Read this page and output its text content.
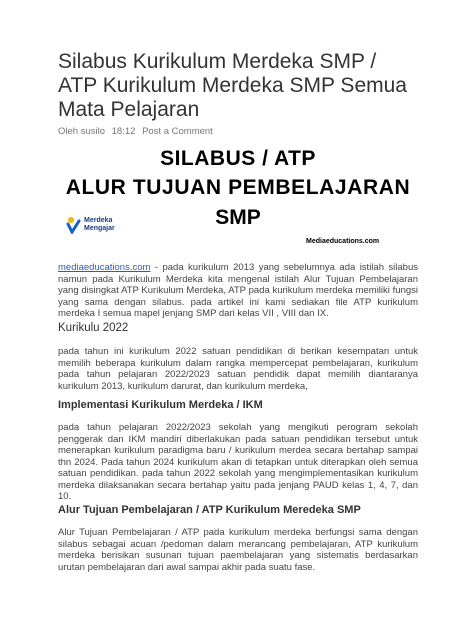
Silabus Kurikulum Merdeka SMP / ATP Kurikulum Merdeka SMP Semua Mata Pelajaran
Oleh susilo 18:12 Post a Comment
SILABUS / ATP
ALUR TUJUAN PEMBELAJARAN
SMP
Merdeka
Mengajar
Mediaeducations.com

mediaeducations.com - pada kurikulum 2013 yang sebelumnya ada istilah silabus namun pada Kurikulum Merdeka kita mengenal istilah Alur Tujuan Pembelajaran yang disingkat ATP Kurikulum Merdeka, ATP pada kurikulum merdeka memiliki fungsi yang sama dengan silabus. pada artikel ini kami sediakan file ATP kurikulum merdeka I semua mapel jenjang SMP dari kelas VII , VIII dan IX.

Kurikulu 2022

pada tahun ini kurikulum 2022 satuan pendidikan di berikan kesempatan untuk memilih beberapa kurikulum dalam rangka mempercepat pembelajaran, kurikulum pada tahun pelajaran 2022/2023 satuan pendidik dapat memilih diantaranya kurikulum 2013, kurikulum darurat, dan kurikulum merdeka,

Implementasi Kurikulum Merdeka / IKM

pada tahun pelajaran 2022/2023 sekolah yang mengikuti perogram sekolah penggerak dan IKM mandiri diberlakukan pada satuan pendidikan tersebut untuk menerapkan kurikulum paradigma baru / kurikulum merdea secara bertahap sampai thn 2024. Pada tahun 2024 kurikulum akan di tetapkan untuk diterapkan oleh semua satuan pendidikan. pada tahun 2022 sekolah yang mengimplementasikan kurikulum merdeka dilaksanakan secara bertahap yaitu pada jenjang PAUD kelas 1, 4, 7, dan 10.

Alur Tujuan Pembelajaran / ATP Kurikulum Meredeka SMP

Alur Tujuan Pembelajaran / ATP pada kurikulum merdeka berfungsi sama dengan silabus sebagai acuan /pedoman dalam merancang pembelajaran, ATP kurikulum merdeka berisikan susunan tujuan paembelajaran yang sistematis berdasarkan urutan pembelajaran dari awal sampai akhir pada suatu fase.
